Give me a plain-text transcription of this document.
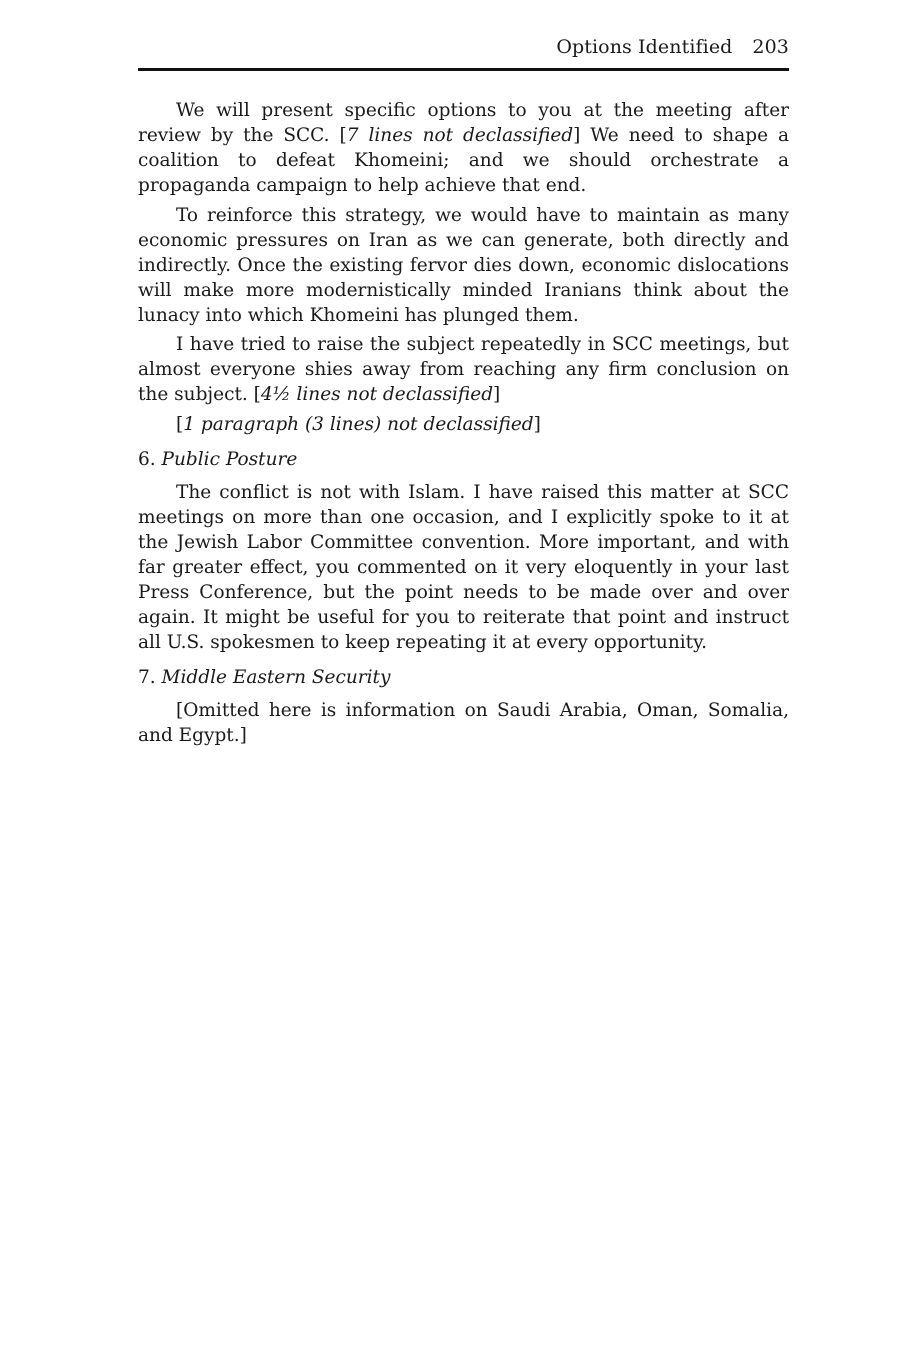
Options Identified 203

We will present specific options to you at the meeting after review by the SCC. [7 lines not declassified] We need to shape a coalition to defeat Khomeini; and we should orchestrate a propaganda campaign to help achieve that end.

To reinforce this strategy, we would have to maintain as many economic pressures on Iran as we can generate, both directly and indirectly. Once the existing fervor dies down, economic dislocations will make more modernistically minded Iranians think about the lunacy into which Khomeini has plunged them.

I have tried to raise the subject repeatedly in SCC meetings, but almost everyone shies away from reaching any firm conclusion on the subject. [4½ lines not declassified]

[1 paragraph (3 lines) not declassified]

6. Public Posture

The conflict is not with Islam. I have raised this matter at SCC meetings on more than one occasion, and I explicitly spoke to it at the Jewish Labor Committee convention. More important, and with far greater effect, you commented on it very eloquently in your last Press Conference, but the point needs to be made over and over again. It might be useful for you to reiterate that point and instruct all U.S. spokesmen to keep repeating it at every opportunity.

7. Middle Eastern Security

[Omitted here is information on Saudi Arabia, Oman, Somalia, and Egypt.]
